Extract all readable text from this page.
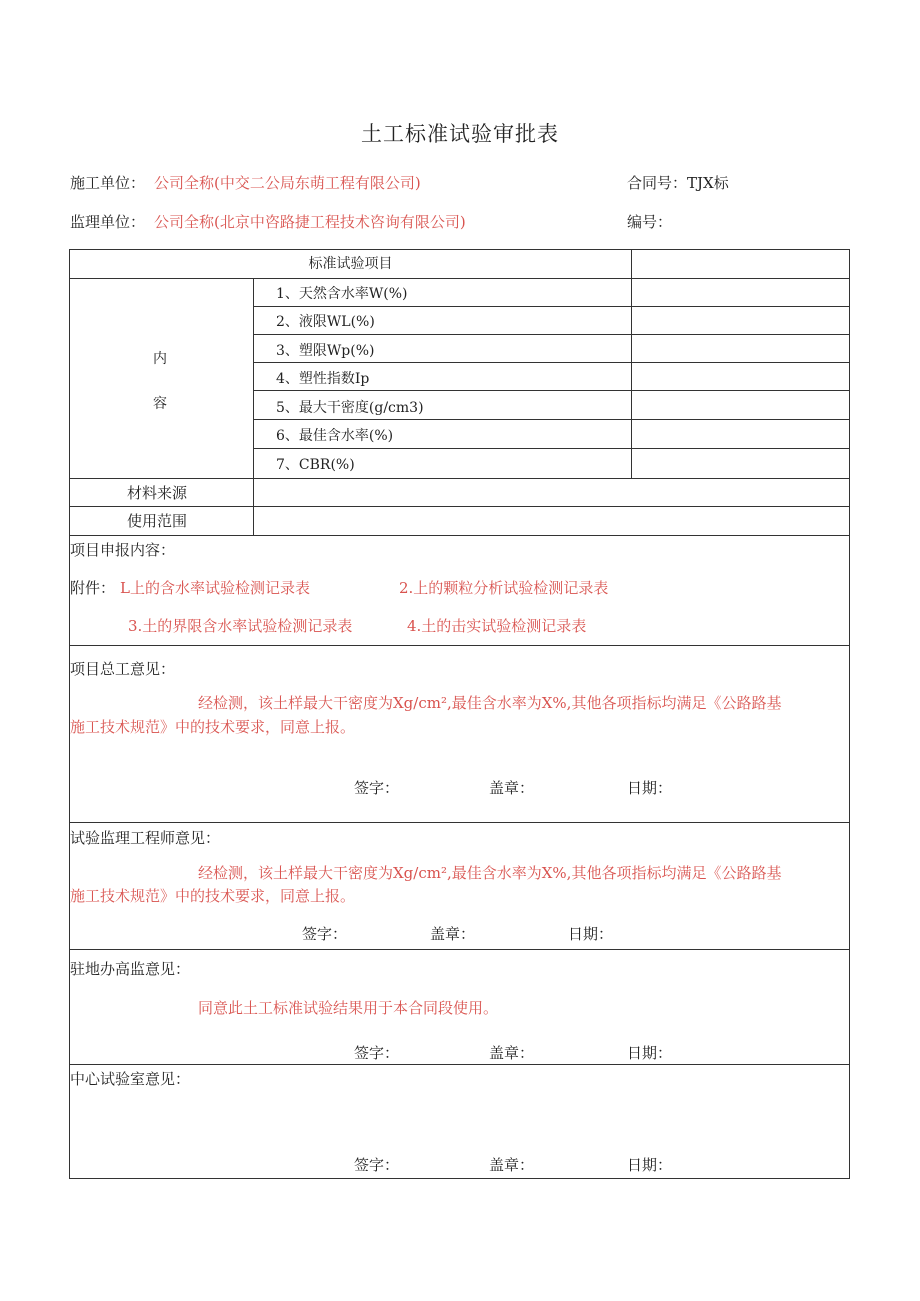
土工标准试验审批表
施工单位： 公司全称(中交二公局东萌工程有限公司)	合同号：TJX标
监理单位： 公司全称(北京中咨路捷工程技术咨询有限公司)	编号：
标准试验项目
内
容
1、天然含水率W(%)
2、液限WL(%)
3、塑限Wp(%)
4、塑性指数Ip
5、最大干密度(g/cm3)
6、最佳含水率(%)
7、CBR(%)
材料来源
使用范围
项目申报内容：
附件： L上的含水率试验检测记录表	2.上的颗粒分析试验检测记录表
3.土的界限含水率试验检测记录表	4.土的击实试验检测记录表
项目总工意见：
经检测，该土样最大干密度为Xg/cm²,最佳含水率为X%,其他各项指标均满足《公路路基
施工技术规范》中的技术要求，同意上报。
签字：	盖章：	日期：
试验监理工程师意见：
经检测，该土样最大干密度为Xg/cm²,最佳含水率为X%,其他各项指标均满足《公路路基
施工技术规范》中的技术要求，同意上报。
签字：	盖章：	日期：
驻地办高监意见：
同意此土工标准试验结果用于本合同段使用。
签字：	盖章：	日期：
中心试验室意见：
签字：	盖章：	日期：
